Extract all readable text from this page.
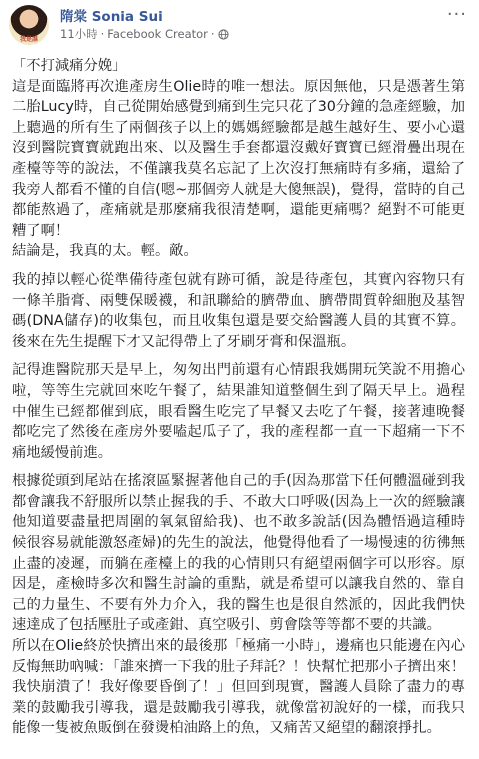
我是誰
隋棠 Sonia Sui
11小時 · Facebook Creator ·
···

「不打減痛分娩」
這是面臨將再次進產房生Olie時的唯一想法。原因無他，只是憑著生第二胎Lucy時，自己從開始感覺到痛到生完只花了30分鐘的急產經驗，加上聽過的所有生了兩個孩子以上的媽媽經驗都是越生越好生、要小心還沒到醫院寶寶就跑出來、以及醫生手套都還沒戴好寶寶已經滑疊出現在產檯等等的說法，不僅讓我莫名忘記了上次沒打無痛時有多痛，還給了我旁人都看不懂的自信(嗯~那個旁人就是大傻無誤)，覺得，當時的自己都能熬過了，產痛就是那麼痛我很清楚啊，還能更痛嗎？絕對不可能更糟了啊！
結論是，我真的太。輕。敵。

我的掉以輕心從準備待產包就有跡可循，說是待產包，其實內容物只有一條羊脂膏、兩雙保暖襪，和訊聯給的臍帶血、臍帶間質幹細胞及基智碼(DNA儲存)的收集包，而且收集包還是要交給醫護人員的其實不算。後來在先生提醒下才又記得帶上了牙刷牙膏和保溫瓶。

記得進醫院那天是早上，匆匆出門前還有心情跟我媽開玩笑說不用擔心啦，等等生完就回來吃午餐了，結果誰知道整個生到了隔天早上。過程中催生已經都催到底，眼看醫生吃完了早餐又去吃了午餐，接著連晚餐都吃完了然後在產房外要嗑起瓜子了，我的產程都一直一下超痛一下不痛地緩慢前進。

根據從頭到尾站在搖滾區緊握著他自己的手(因為那當下任何體溫碰到我都會讓我不舒服所以禁止握我的手、不敢大口呼吸(因為上一次的經驗讓他知道要盡量把周圍的氧氣留給我)、也不敢多說話(因為體悟過這種時候很容易就能激怒產婦)的先生的說法，他覺得他看了一場慢速的彷彿無止盡的凌遲，而躺在產檯上的我的心情則只有絕望兩個字可以形容。原因是，產檢時多次和醫生討論的重點，就是希望可以讓我自然的、靠自己的力量生、不要有外力介入，我的醫生也是很自然派的，因此我們快速達成了包括壓肚子或產鉗、真空吸引、剪會陰等等都不要的共識。
所以在Olie終於快擠出來的最後那「極痛一小時」，邊痛也只能邊在內心反悔無助吶喊：「誰來擠一下我的肚子拜託？！快幫忙把那小子擠出來！我快崩潰了！我好像要昏倒了！」但回到現實，醫護人員除了盡力的專業的鼓勵我引導我，還是鼓勵我引導我，就像當初說好的一樣，而我只能像一隻被魚販倒在發燙柏油路上的魚，又痛苦又絕望的翻滾掙扎。
